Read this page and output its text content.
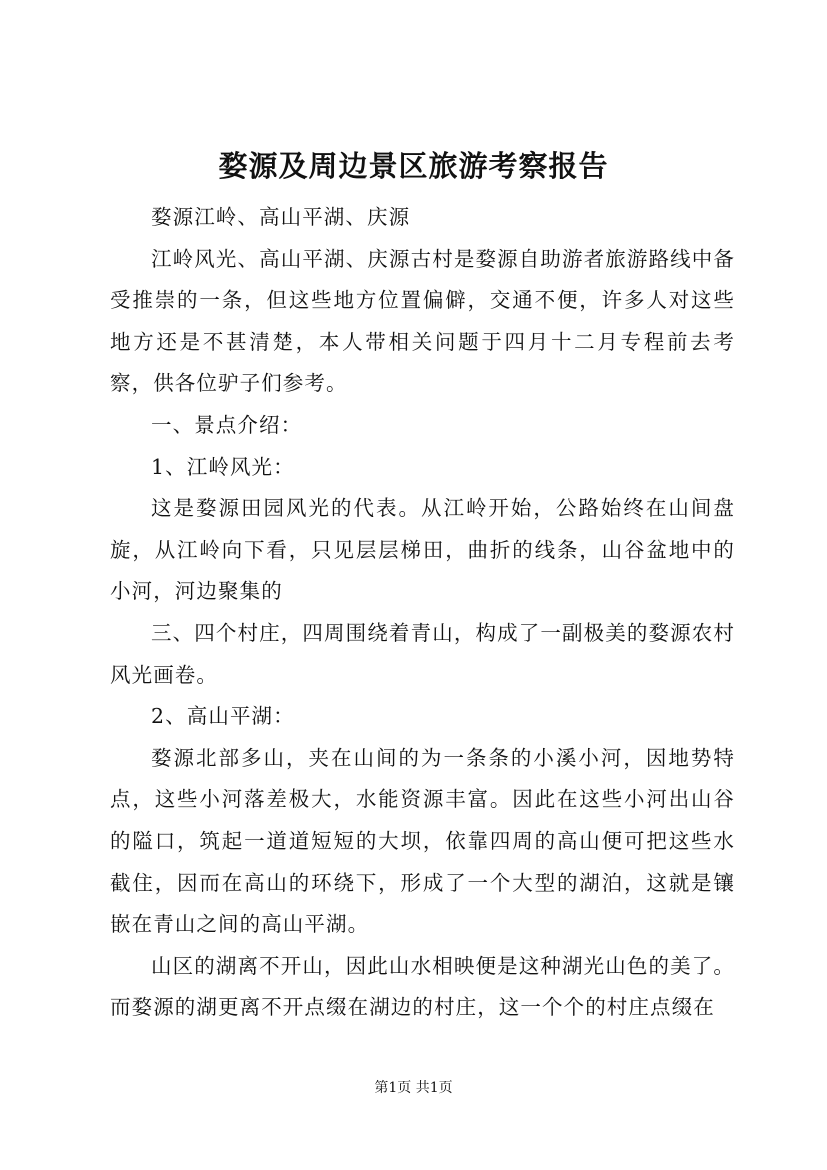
婺源及周边景区旅游考察报告

婺源江岭、高山平湖、庆源

江岭风光、高山平湖、庆源古村是婺源自助游者旅游路线中备受推崇的一条，但这些地方位置偏僻，交通不便，许多人对这些地方还是不甚清楚，本人带相关问题于四月十二月专程前去考察，供各位驴子们参考。

一、景点介绍：

1、江岭风光：

这是婺源田园风光的代表。从江岭开始，公路始终在山间盘旋，从江岭向下看，只见层层梯田，曲折的线条，山谷盆地中的小河，河边聚集的

三、四个村庄，四周围绕着青山，构成了一副极美的婺源农村风光画卷。

2、高山平湖：

婺源北部多山，夹在山间的为一条条的小溪小河，因地势特点，这些小河落差极大，水能资源丰富。因此在这些小河出山谷的隘口，筑起一道道短短的大坝，依靠四周的高山便可把这些水截住，因而在高山的环绕下，形成了一个大型的湖泊，这就是镶嵌在青山之间的高山平湖。

山区的湖离不开山，因此山水相映便是这种湖光山色的美了。而婺源的湖更离不开点缀在湖边的村庄，这一个个的村庄点缀在

第1页 共1页
